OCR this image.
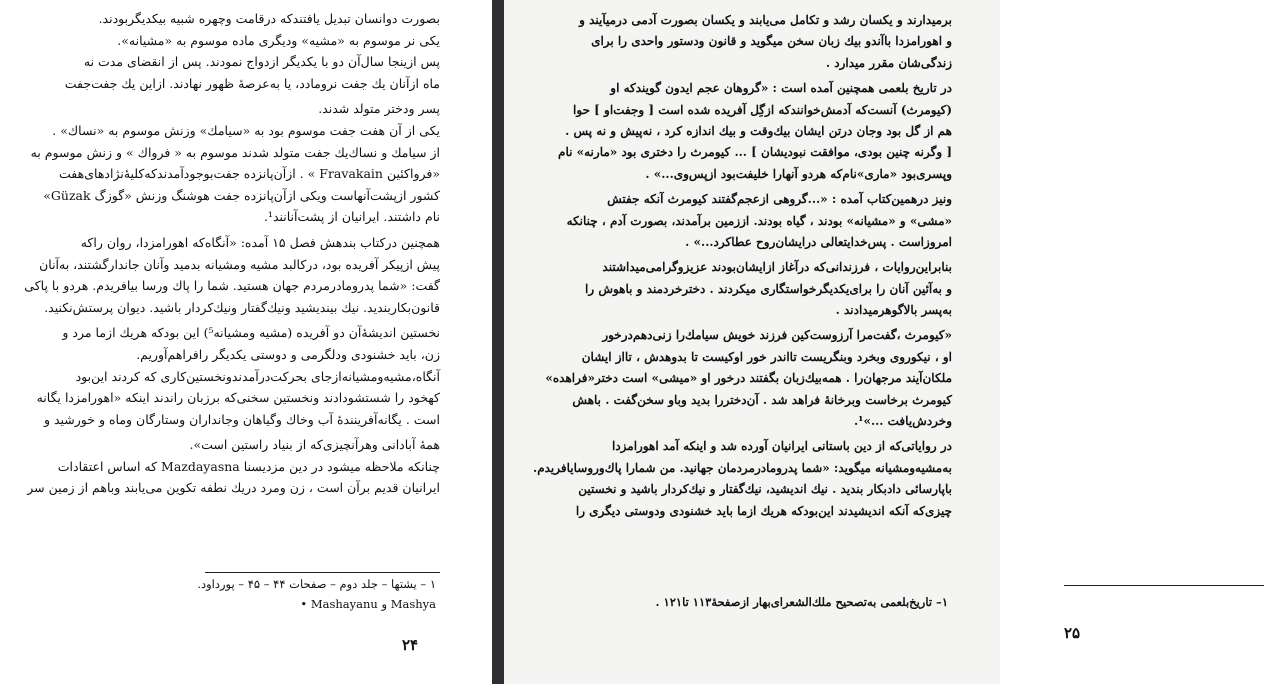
بصورت دوانسان تبدیل یافتندکه درقامت وچهره شبیه بیکدیگربودند.
یکی نر موسوم به «مشیه» ودیگری ماده موسوم به «مشیانه».
پس ازینجا سال‌آن دو با یکدیگر ازدواج نمودند. پس از انقضای مدت نه
ماه ازآنان یك جفت نرومادد، یا به‌عرصهٔ ظهور نهادند. ازاین یك جفت‌جفت
پسر ودختر متولد شدند.
یکی از آن هفت جفت موسوم بود به «سیامك» وزنش موسوم به «نساك» .
از سیامك و نساك‌یك جفت متولد شدند موسوم به « فرواك » و زنش موسوم به
«فرواكئین Fravakain » . ازآن‌پانزده جفت‌بوجودآمدندکه‌کلیهٔ‌نژادهای‌هفت
کشور ازپشت‌آنهاست ویکی ازآن‌پانزده جفت هوشنگ وزنش «گوزگ Güzak»
نام داشتند. ایرانیان از پشت‌آنانند¹.
همچنین درکتاب بندهش فصل ۱۵ آمده: «آنگاه‌که اهورامزدا، روان را‌که
پیش ازپیکر آفریده بود، درکالبد مشیه ومشیانه بدمید وآنان جاندارگشتند، به‌آنان
گفت: «شما پدرومادرمردم جهان هستید. شما را پاك ورسا بیافریدم. هردو با پاکی
قانون‌بکاربندید. نیك بیندیشید ونیك‌گفتار ونیك‌کردار باشید. دیوان پرستش‌نکنید.
نخستین اندیشهٔ‌آن دو آفریده (مشیه ومشیانه⁵) این بودکه هریك ازما مرد و
زن، باید خشنودی ودلگرمی و دوستی یکدیگر رافراهم‌آوریم.
آنگاه،مشیه‌ومشیانه‌ازجای بحرکت‌درآمدندونخستین‌کاری که کردند این‌بود
کهخود را شستشودادند ونخستین سخنی‌که برزبان راندند اینکه «اهورامزدا یگانه
است . یگانه‌آفرینندهٔ آب وخاك وگیاهان وجانداران وستارگان وماه و خورشید و
همهٔ آبادانی وهرآنچیزی‌که از بنیاد راستین است».
چنانکه ملاحظه میشود در دین مزدیسنا Mazdayasna که اساس اعتقادات
ایرانیان قدیم برآن است ، زن ومرد دریك نطفه تکوین می‌یابند وباهم از زمین سر
۱ – یشتها – جلد دوم – صفحات ۴۴ – ۴۵ – پورداود.
Mashya و Mashayanu •
۲۴
برمیدارند و یکسان رشد و تکامل می‌یابند و یکسان بصورت آدمی درمیآیند و
و اهورامزدا باآندو بیك زبان سخن میگوید و قانون ودستور واحدی را برای
زندگی‌شان مقرر میدارد .
در تاریخ بلعمی همچنین آمده است : «گروهان عجم ایدون گویند‌که او
(کیومرث) آنست‌که آدمش‌خوانندکه ازگِل آفریده شده است [ وجفت‌او ] حوا
هم از گل بود وجان درتن ایشان بیك‌وقت و بیك اندازه کرد ، نه‌پیش و نه پس .
[ وگرنه چنین بودی، موافقت نبودیشان ] ... کیومرث را دختری بود «مارنه» نام
وپسری‌بود «ماری»نام‌که هردو آنهارا خلیفت‌بود ازپس‌وی...» .
ونیز درهمین‌کتاب آمده : «...گروهی ازعجم‌گفتند کیومرث آنکه جفتش
«مشی» و «مشیانه» بودند ، گیاه بودند. اززمین برآمدند، بصورت آدم ، چنانکه
امروزاست . پس‌خدایتعالی درایشان‌روح عطاکرد...» .
بنابراین‌روایات ، فرزندانی‌که درآغاز ازایشان‌بودند عزیزوگرامی‌میداشتند
و به‌آئین آنان را برای‌یکدیگرخواستگاری میکردند . دخترخردمند و باهوش را
به‌پسر بالاگوهرمیدادند .
«کیومرث ،گفت‌مرا آرزوست‌کین فرزند خویش سیامك‌را زنی‌دهم‌درخور
او ، نیکوروی وبخرد وبنگریست تااندر خور اوکیست تا بدوهدش ، تااز ایشان
ملکان‌آیند مرجهان‌را . همه‌بیك‌زبان بگفتند درخور او «میشی» است دختر«فراهده»
کیومرث برخاست وبرخانهٔ فراهد شد . آن‌دختررا بدید وباو سخن‌گفت . باهش
وخردش‌یافت ...»¹.
در روایاتی‌که از دین باستانی ایرانیان آورده شد و اینکه آمد اهورامزدا
به‌مشیه‌ومشیانه میگوید: «شما پدرومادرمردمان جهانید. من شمارا پاك‌وروسایافریدم.
باپارسائی دادبکار بندید . نیك اندیشید، نیك‌گفتار و نیك‌کردار باشید و نخستین
چیزی‌که آنکه اندیشیدند این‌بود‌که هریك ازما باید خشنودی ودوستی دیگری را
۱– تاریخ‌بلعمی به‌تصحیح ملك‌الشعرای‌بهار ازصفحهٔ۱۱۳ تا۱۲۱ .
۲۵
